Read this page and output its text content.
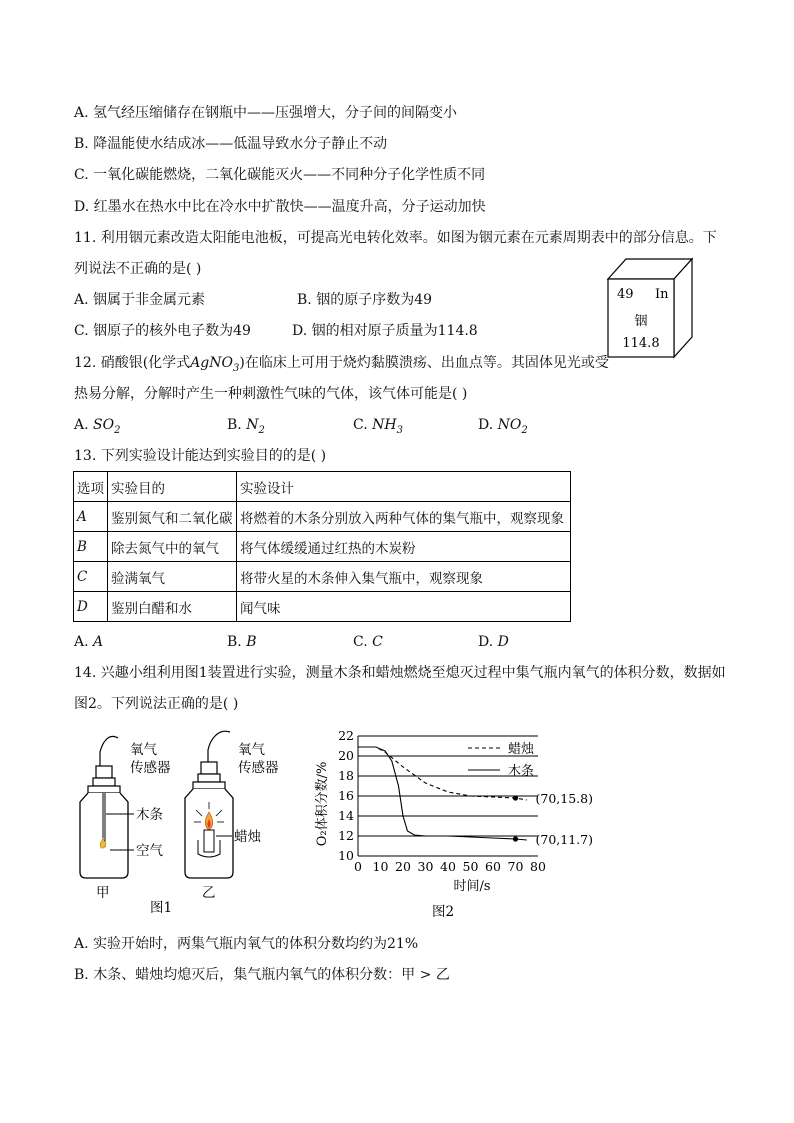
A. 氢气经压缩储存在钢瓶中——压强增大，分子间的间隔变小
B. 降温能使水结成冰——低温导致水分子静止不动
C. 一氧化碳能燃烧，二氧化碳能灭火——不同种分子化学性质不同
D. 红墨水在热水中比在冷水中扩散快——温度升高，分子运动加快
11. 利用铟元素改造太阳能电池板，可提高光电转化效率。如图为铟元素在元素周期表中的部分信息。下
列说法不正确的是( )
A. 铟属于非金属元素	B. 铟的原子序数为49
C. 铟原子的核外电子数为49	D. 铟的相对原子质量为114.8
49 In
铟
114.8
12. 硝酸银(化学式AgNO$_3$)在临床上可用于烧灼黏膜溃疡、出血点等。其固体见光或受
热易分解，分解时产生一种刺激性气味的气体，该气体可能是( )
A. $SO_2$	B. $N_2$	C. $NH_3$	D. $NO_2$
13. 下列实验设计能达到实验目的的是( )
选项	实验目的	实验设计
A	鉴别氮气和二氧化碳	将燃着的木条分别放入两种气体的集气瓶中，观察现象
B	除去氮气中的氧气	将气体缓缓通过红热的木炭粉
C	验满氧气	将带火星的木条伸入集气瓶中，观察现象
D	鉴别白醋和水	闻气味
A. A	B. B	C. C	D. D
14. 兴趣小组利用图1装置进行实验，测量木条和蜡烛燃烧至熄灭过程中集气瓶内氧气的体积分数，数据如
图2。下列说法正确的是( )
氧气
传感器
木条
空气
甲
氧气
传感器
蜡烛
乙
图1
10
12
14
16
18
20
22
0 10 20 30 40 50 60 70 80
(70,15.8)
(70,11.7)
蜡烛
木条
O₂体积分数/%
时间/s
图2
A. 实验开始时，两集气瓶内氧气的体积分数均约为21%
B. 木条、蜡烛均熄灭后，集气瓶内氧气的体积分数：甲 > 乙
